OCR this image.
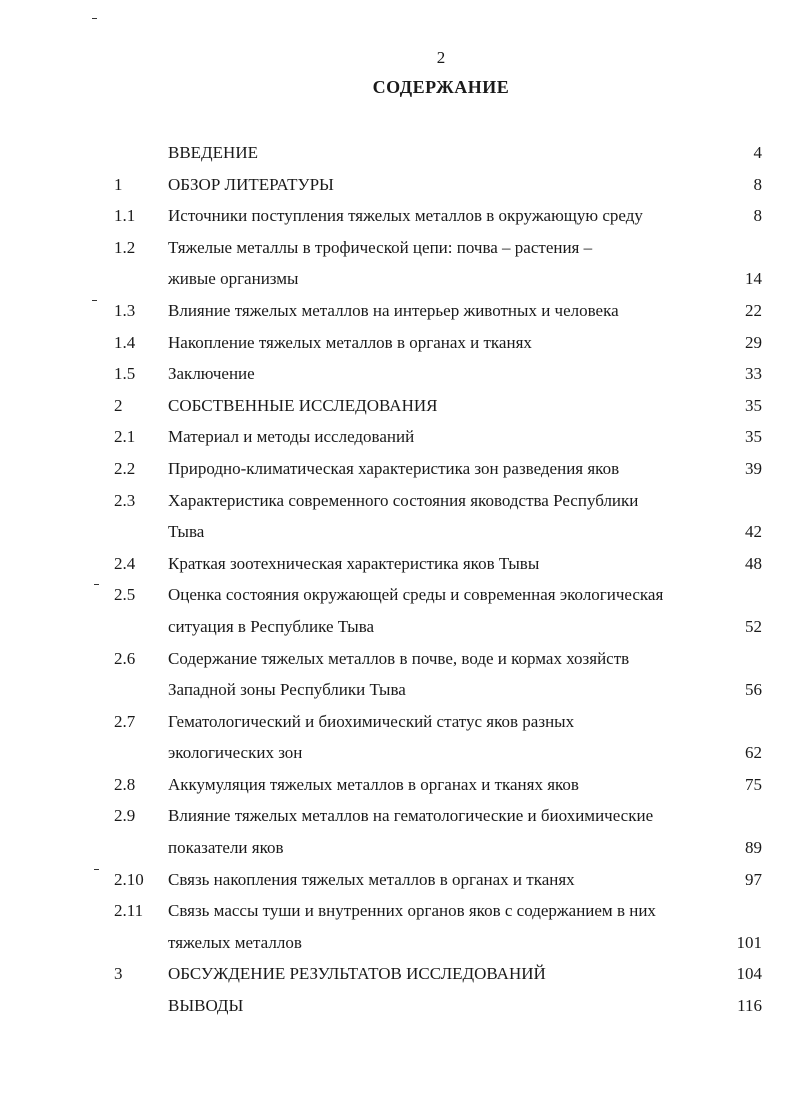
2
СОДЕРЖАНИЕ
ВВЕДЕНИЕ	4
1	ОБЗОР ЛИТЕРАТУРЫ	8
1.1	Источники поступления тяжелых металлов в окружающую среду	8
1.2	Тяжелые металлы в трофической цепи: почва – растения –
живые организмы	14
1.3	Влияние тяжелых металлов на интерьер животных и человека	22
1.4	Накопление тяжелых металлов в органах и тканях	29
1.5	Заключение	33
2	СОБСТВЕННЫЕ ИССЛЕДОВАНИЯ	35
2.1	Материал и методы исследований	35
2.2	Природно-климатическая характеристика зон разведения яков	39
2.3	Характеристика современного состояния яководства Республики
Тыва	42
2.4	Краткая зоотехническая характеристика яков Тывы	48
2.5	Оценка состояния окружающей среды и современная экологическая
ситуация в Республике Тыва	52
2.6	Содержание тяжелых металлов в почве, воде и кормах хозяйств
Западной зоны Республики Тыва	56
2.7	Гематологический и биохимический статус яков разных
экологических зон	62
2.8	Аккумуляция тяжелых металлов в органах и тканях яков	75
2.9	Влияние тяжелых металлов на гематологические и биохимические
показатели яков	89
2.10	Связь накопления тяжелых металлов в органах и тканях	97
2.11	Связь массы туши и внутренних органов яков с содержанием в них
тяжелых металлов	101
3	ОБСУЖДЕНИЕ РЕЗУЛЬТАТОВ ИССЛЕДОВАНИЙ	104
ВЫВОДЫ	116
